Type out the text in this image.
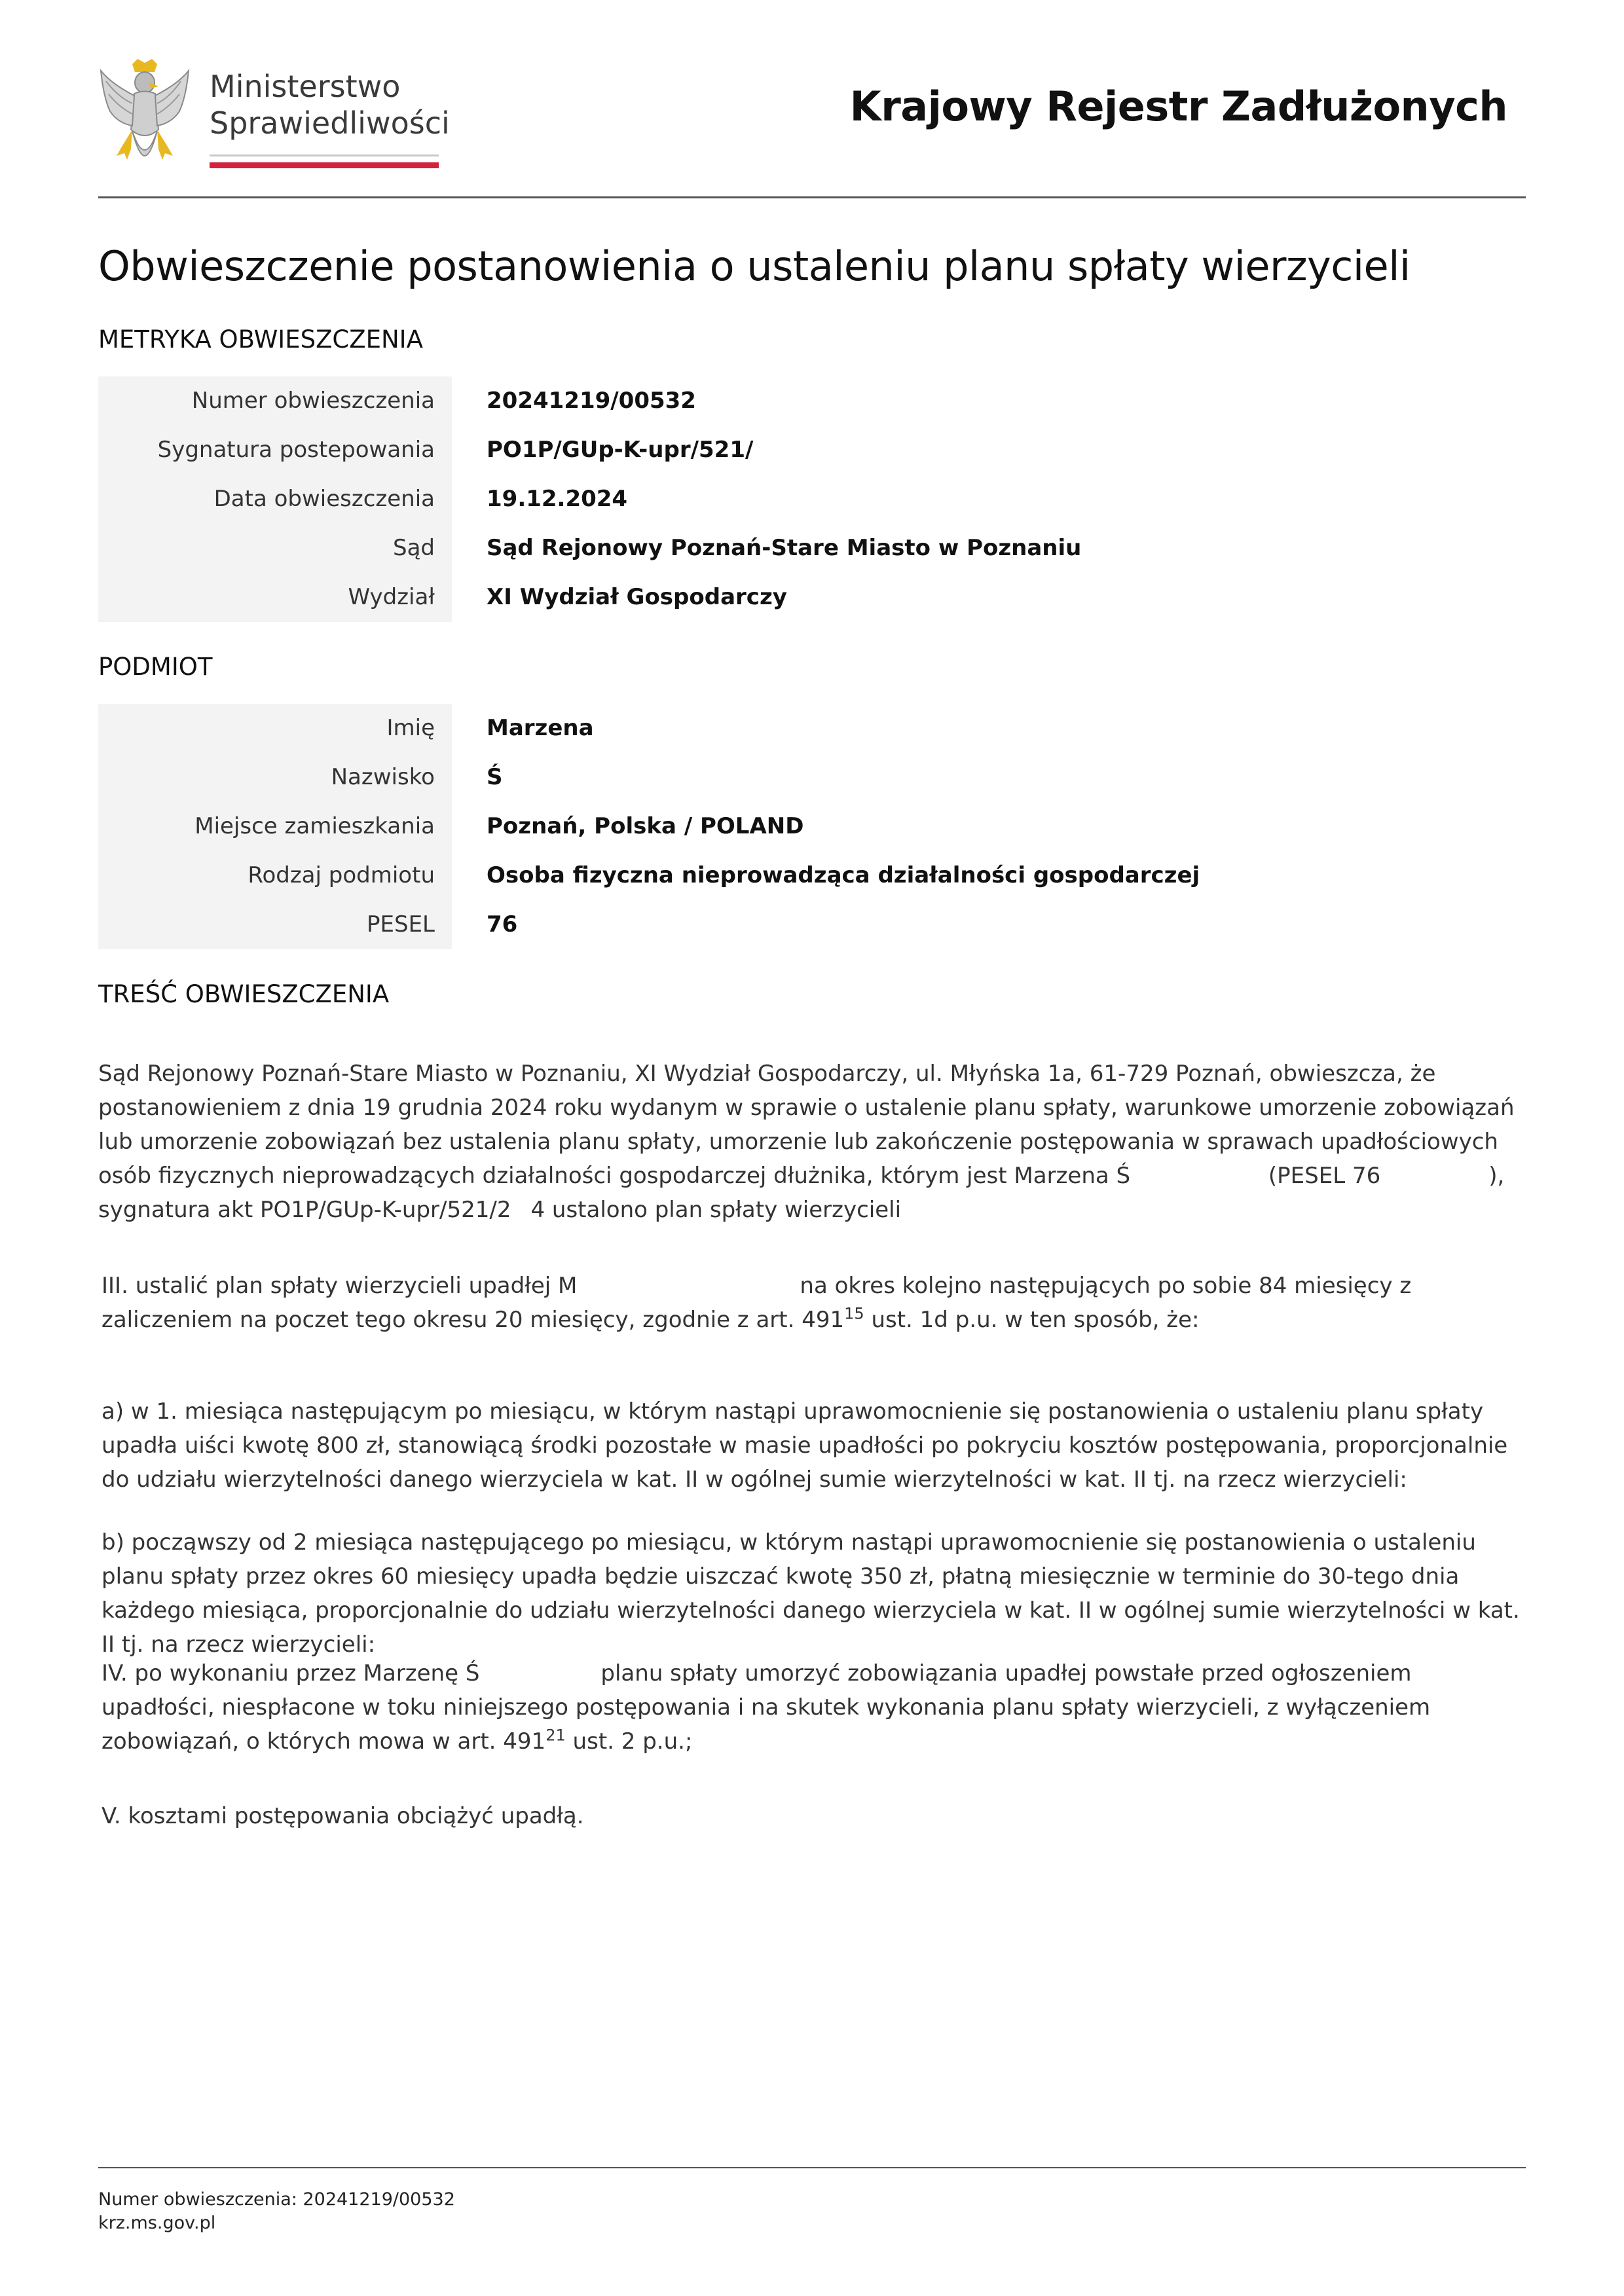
Ministerstwo
Sprawiedliwości	Krajowy Rejestr Zadłużonych
Obwieszczenie postanowienia o ustaleniu planu spłaty wierzycieli
METRYKA OBWIESZCZENIA
Numer obwieszczenia	20241219/00532
Sygnatura postepowania	PO1P/GUp-K-upr/521/
Data obwieszczenia	19.12.2024
Sąd	Sąd Rejonowy Poznań-Stare Miasto w Poznaniu
Wydział	XI Wydział Gospodarczy
PODMIOT
Imię	Marzena
Nazwisko	Ś
Miejsce zamieszkania	Poznań, Polska / POLAND
Rodzaj podmiotu	Osoba fizyczna nieprowadząca działalności gospodarczej
PESEL	76
TREŚĆ OBWIESZCZENIA

Sąd Rejonowy Poznań-Stare Miasto w Poznaniu, XI Wydział Gospodarczy, ul. Młyńska 1a, 61-729 Poznań, obwieszcza, że postanowieniem z dnia 19 grudnia 2024 roku wydanym w sprawie o ustalenie planu spłaty, warunkowe umorzenie zobowiązań lub umorzenie zobowiązań bez ustalenia planu spłaty, umorzenie lub zakończenie postępowania w sprawach upadłościowych osób fizycznych nieprowadzących działalności gospodarczej dłużnika, którym jest Marzena Ś	(PESEL 76	), sygnatura akt PO1P/GUp-K-upr/521/2 4 ustalono plan spłaty wierzycieli

III. ustalić plan spłaty wierzycieli upadłej M	na okres kolejno następujących po sobie 84 miesięcy z zaliczeniem na poczet tego okresu 20 miesięcy, zgodnie z art. $491^{15}$ ust. 1d p.u. w ten sposób, że:

a) w 1. miesiąca następującym po miesiącu, w którym nastąpi uprawomocnienie się postanowienia o ustaleniu planu spłaty upadła uiści kwotę 800 zł, stanowiącą środki pozostałe w masie upadłości po pokryciu kosztów postępowania, proporcjonalnie do udziału wierzytelności danego wierzyciela w kat. II w ogólnej sumie wierzytelności w kat. II tj. na rzecz wierzycieli:

b) począwszy od 2 miesiąca następującego po miesiącu, w którym nastąpi uprawomocnienie się postanowienia o ustaleniu planu spłaty przez okres 60 miesięcy upadła będzie uiszczać kwotę 350 zł, płatną miesięcznie w terminie do 30-tego dnia każdego miesiąca, proporcjonalnie do udziału wierzytelności danego wierzyciela w kat. II w ogólnej sumie wierzytelności w kat. II tj. na rzecz wierzycieli:

IV. po wykonaniu przez Marzenę Ś	planu spłaty umorzyć zobowiązania upadłej powstałe przed ogłoszeniem upadłości, niespłacone w toku niniejszego postępowania i na skutek wykonania planu spłaty wierzycieli, z wyłączeniem zobowiązań, o których mowa w art. $491^{21}$ ust. 2 p.u.;

V. kosztami postępowania obciążyć upadłą.

Numer obwieszczenia: 20241219/00532
krz.ms.gov.pl
